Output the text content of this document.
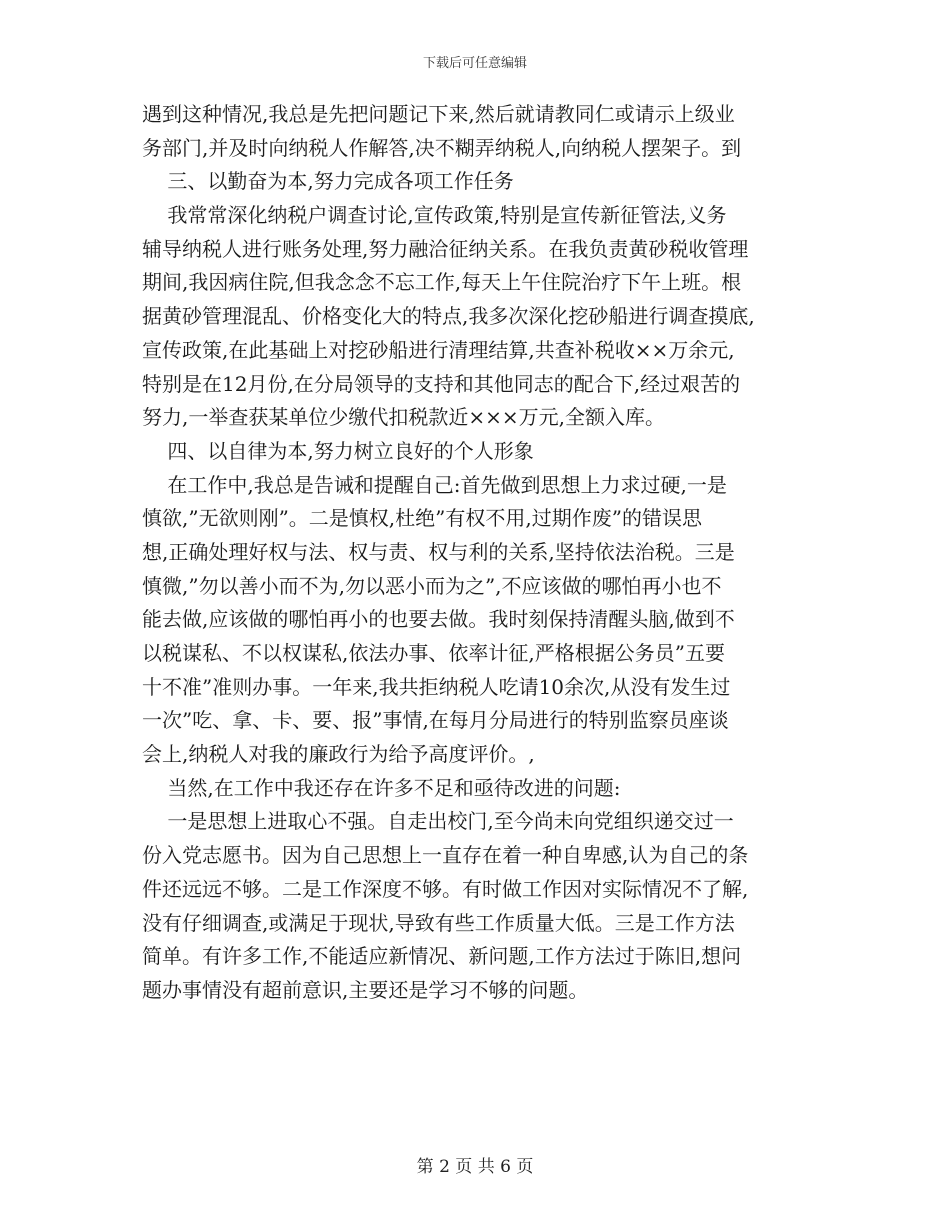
下载后可任意编辑
遇到这种情况,我总是先把问题记下来,然后就请教同仁或请示上级业
务部门,并及时向纳税人作解答,决不糊弄纳税人,向纳税人摆架子。到
三、以勤奋为本,努力完成各项工作任务
我常常深化纳税户调查讨论,宣传政策,特别是宣传新征管法,义务
辅导纳税人进行账务处理,努力融洽征纳关系。在我负责黄砂税收管理
期间,我因病住院,但我念念不忘工作,每天上午住院治疗下午上班。根
据黄砂管理混乱、价格变化大的特点,我多次深化挖砂船进行调查摸底,
宣传政策,在此基础上对挖砂船进行清理结算,共查补税收××万余元,
特别是在12月份,在分局领导的支持和其他同志的配合下,经过艰苦的
努力,一举查获某单位少缴代扣税款近×××万元,全额入库。
四、以自律为本,努力树立良好的个人形象
在工作中,我总是告诫和提醒自己:首先做到思想上力求过硬,一是
慎欲,”无欲则刚”。二是慎权,杜绝”有权不用,过期作废”的错误思
想,正确处理好权与法、权与责、权与利的关系,坚持依法治税。三是
慎微,”勿以善小而不为,勿以恶小而为之”,不应该做的哪怕再小也不
能去做,应该做的哪怕再小的也要去做。我时刻保持清醒头脑,做到不
以税谋私、不以权谋私,依法办事、依率计征,严格根据公务员”五要
十不准”准则办事。一年来,我共拒纳税人吃请10余次,从没有发生过
一次”吃、拿、卡、要、报”事情,在每月分局进行的特别监察员座谈
会上,纳税人对我的廉政行为给予高度评价。,
当然,在工作中我还存在许多不足和亟待改进的问题:
一是思想上进取心不强。自走出校门,至今尚未向党组织递交过一
份入党志愿书。因为自己思想上一直存在着一种自卑感,认为自己的条
件还远远不够。二是工作深度不够。有时做工作因对实际情况不了解,
没有仔细调查,或满足于现状,导致有些工作质量大低。三是工作方法
简单。有许多工作,不能适应新情况、新问题,工作方法过于陈旧,想问
题办事情没有超前意识,主要还是学习不够的问题。
第 2 页 共 6 页
